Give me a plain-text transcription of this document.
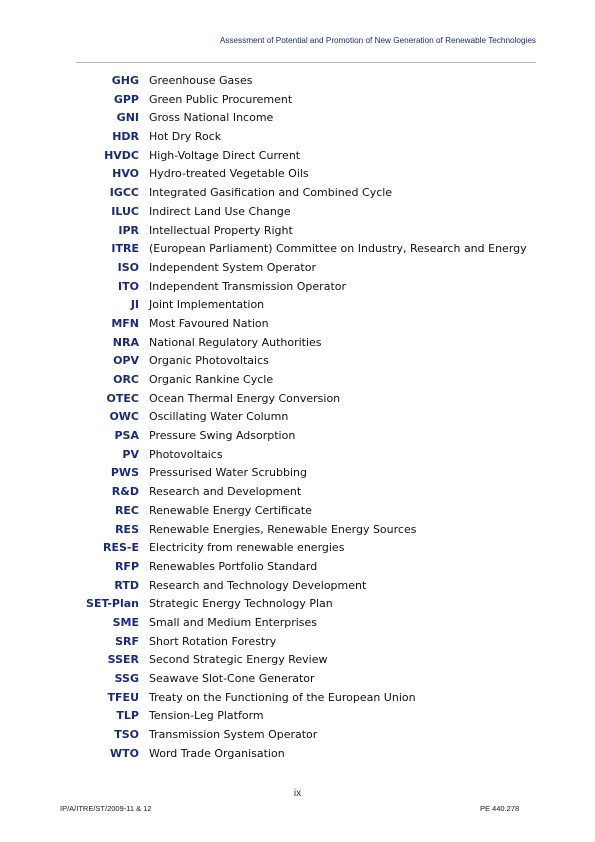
Assessment of Potential and Promotion of New Generation of Renewable Technologies
GHG Greenhouse Gases
GPP Green Public Procurement
GNI Gross National Income
HDR Hot Dry Rock
HVDC High-Voltage Direct Current
HVO Hydro-treated Vegetable Oils
IGCC Integrated Gasification and Combined Cycle
ILUC Indirect Land Use Change
IPR Intellectual Property Right
ITRE (European Parliament) Committee on Industry, Research and Energy
ISO Independent System Operator
ITO Independent Transmission Operator
JI Joint Implementation
MFN Most Favoured Nation
NRA National Regulatory Authorities
OPV Organic Photovoltaics
ORC Organic Rankine Cycle
OTEC Ocean Thermal Energy Conversion
OWC Oscillating Water Column
PSA Pressure Swing Adsorption
PV Photovoltaics
PWS Pressurised Water Scrubbing
R&D Research and Development
REC Renewable Energy Certificate
RES Renewable Energies, Renewable Energy Sources
RES-E Electricity from renewable energies
RFP Renewables Portfolio Standard
RTD Research and Technology Development
SET-Plan Strategic Energy Technology Plan
SME Small and Medium Enterprises
SRF Short Rotation Forestry
SSER Second Strategic Energy Review
SSG Seawave Slot-Cone Generator
TFEU Treaty on the Functioning of the European Union
TLP Tension-Leg Platform
TSO Transmission System Operator
WTO Word Trade Organisation
ix
IP/A/ITRE/ST/2009-11 & 12	PE 440.278
